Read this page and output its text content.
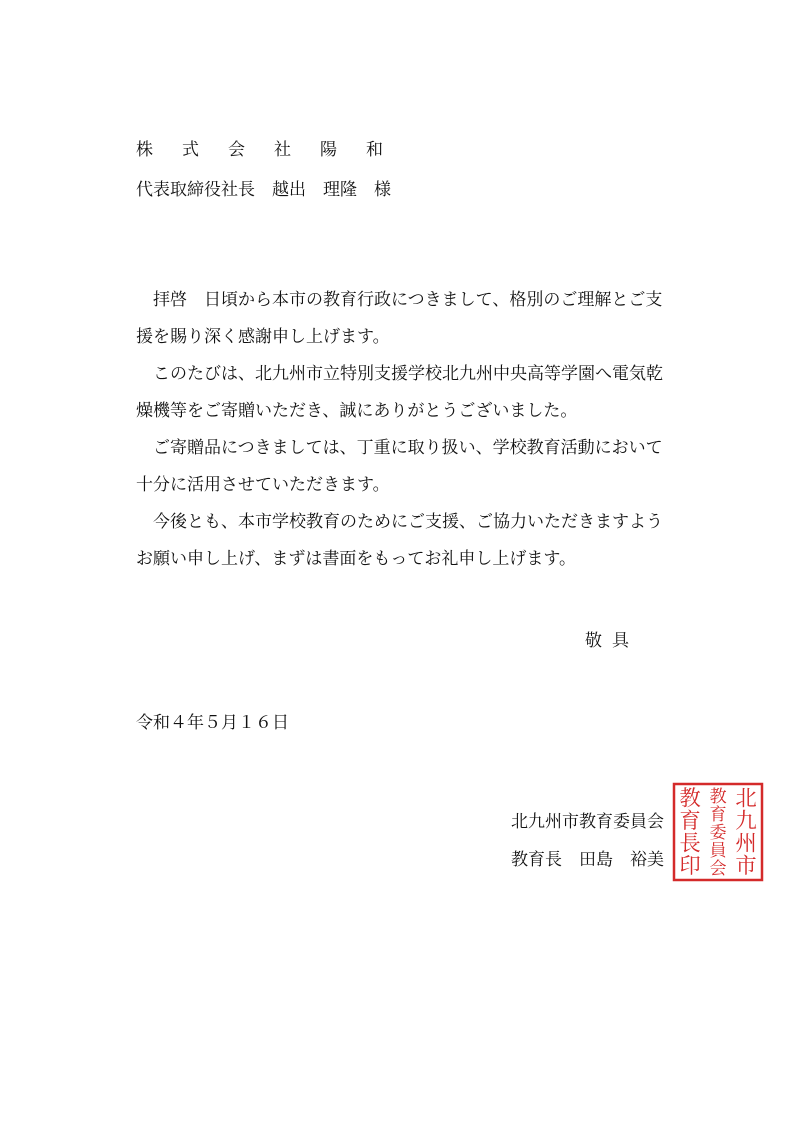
株 式 会 社 陽 和
代表取締役社長　越出　理隆　様

　拝啓　日頃から本市の教育行政につきまして、格別のご理解とご支援を賜り深く感謝申し上げます。

　このたびは、北九州市立特別支援学校北九州中央高等学園へ電気乾燥機等をご寄贈いただき、誠にありがとうございました。

　ご寄贈品につきましては、丁重に取り扱い、学校教育活動において十分に活用させていただきます。

　今後とも、本市学校教育のためにご支援、ご協力いただきますようお願い申し上げ、まずは書面をもってお礼申し上げます。

敬具
令和４年５月１６日
北九州市教育委員会
教育長　田島　裕美
北
九
州
市
教
育
委
員
会
教
育
長
印
